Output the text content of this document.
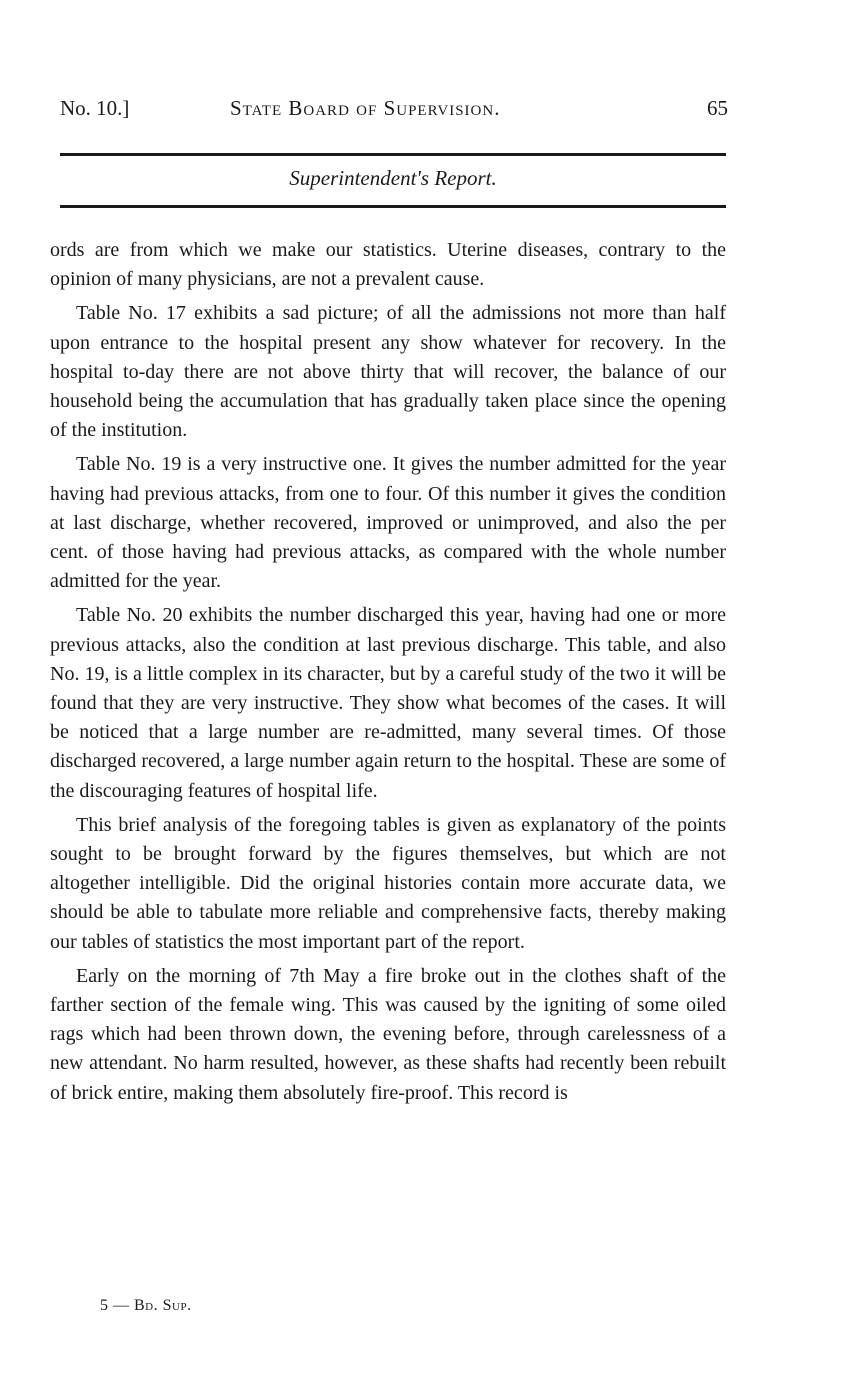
No. 10.]	State Board of Supervision.	65
Superintendent's Report.

ords are from which we make our statistics. Uterine diseases, contrary to the opinion of many physicians, are not a prevalent cause.

Table No. 17 exhibits a sad picture; of all the admissions not more than half upon entrance to the hospital present any show whatever for recovery. In the hospital to-day there are not above thirty that will recover, the balance of our household being the accumulation that has gradually taken place since the opening of the institution.

Table No. 19 is a very instructive one. It gives the number admitted for the year having had previous attacks, from one to four. Of this number it gives the condition at last discharge, whether recovered, improved or unimproved, and also the per cent. of those having had previous attacks, as compared with the whole number admitted for the year.

Table No. 20 exhibits the number discharged this year, having had one or more previous attacks, also the condition at last previous discharge. This table, and also No. 19, is a little complex in its character, but by a careful study of the two it will be found that they are very instructive. They show what becomes of the cases. It will be noticed that a large number are re-admitted, many several times. Of those discharged recovered, a large number again return to the hospital. These are some of the discouraging features of hospital life.

This brief analysis of the foregoing tables is given as explanatory of the points sought to be brought forward by the figures themselves, but which are not altogether intelligible. Did the original histories contain more accurate data, we should be able to tabulate more reliable and comprehensive facts, thereby making our tables of statistics the most important part of the report.

Early on the morning of 7th May a fire broke out in the clothes shaft of the farther section of the female wing. This was caused by the igniting of some oiled rags which had been thrown down, the evening before, through carelessness of a new attendant. No harm resulted, however, as these shafts had recently been rebuilt of brick entire, making them absolutely fire-proof. This record is

5 — Bd. Sup.
